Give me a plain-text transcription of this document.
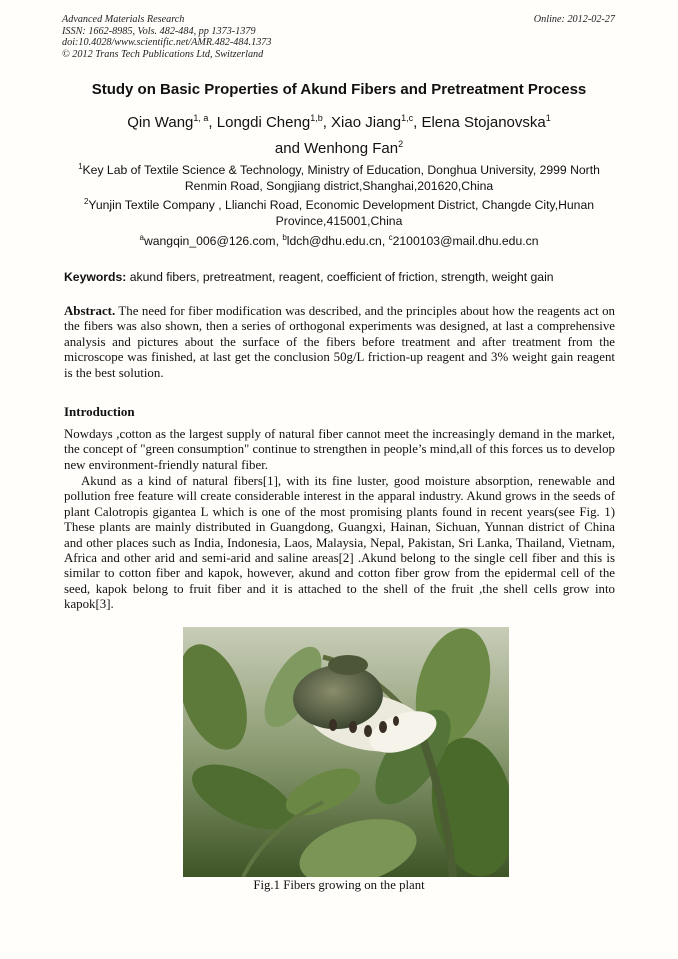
Advanced Materials Research
ISSN: 1662-8985, Vols. 482-484, pp 1373-1379
doi:10.4028/www.scientific.net/AMR.482-484.1373
© 2012 Trans Tech Publications Ltd, Switzerland
Online: 2012-02-27
Study on Basic Properties of Akund Fibers and Pretreatment Process
Qin Wang$^{1, a}$, Longdi Cheng$^{1,b}$, Xiao Jiang$^{1,c}$, Elena Stojanovska$^1$
and Wenhong Fan$^2$
$^1$Key Lab of Textile Science & Technology, Ministry of Education, Donghua University, 2999 North
Renmin Road, Songjiang district,Shanghai,201620,China
$^2$Yunjin Textile Company , Llianchi Road, Economic Development District, Changde City,Hunan
Province,415001,China
$^a$wangqin_006@126.com, $^b$ldch@dhu.edu.cn, $^c$2100103@mail.dhu.edu.cn
Keywords: akund fibers, pretreatment, reagent, coefficient of friction, strength, weight gain
Abstract. The need for fiber modification was described, and the principles about how the reagents act on the fibers was also shown, then a series of orthogonal experiments was designed, at last a comprehensive analysis and pictures about the surface of the fibers before treatment and after treatment from the microscope was finished, at last get the conclusion 50g/L friction-up reagent and 3% weight gain reagent is the best solution.
Introduction
Nowdays ,cotton as the largest supply of natural fiber cannot meet the increasingly demand in the market, the concept of "green consumption" continue to strengthen in people’s mind,all of this forces us to develop new environment-friendly natural fiber.
Akund as a kind of natural fibers[1], with its fine luster, good moisture absorption, renewable and pollution free feature will create considerable interest in the apparal industry. Akund grows in the seeds of plant Calotropis gigantea L which is one of the most promising plants found in recent years(see Fig. 1) These plants are mainly distributed in Guangdong, Guangxi, Hainan, Sichuan, Yunnan district of China and other places such as India, Indonesia, Laos, Malaysia, Nepal, Pakistan, Sri Lanka, Thailand, Vietnam, Africa and other arid and semi-arid and saline areas[2] .Akund belong to the single cell fiber and this is similar to cotton fiber and kapok, however, akund and cotton fiber grow from the epidermal cell of the seed, kapok belong to fruit fiber and it is attached to the shell of the fruit ,the shell cells grow into kapok[3].
Fig.1 Fibers growing on the plant
